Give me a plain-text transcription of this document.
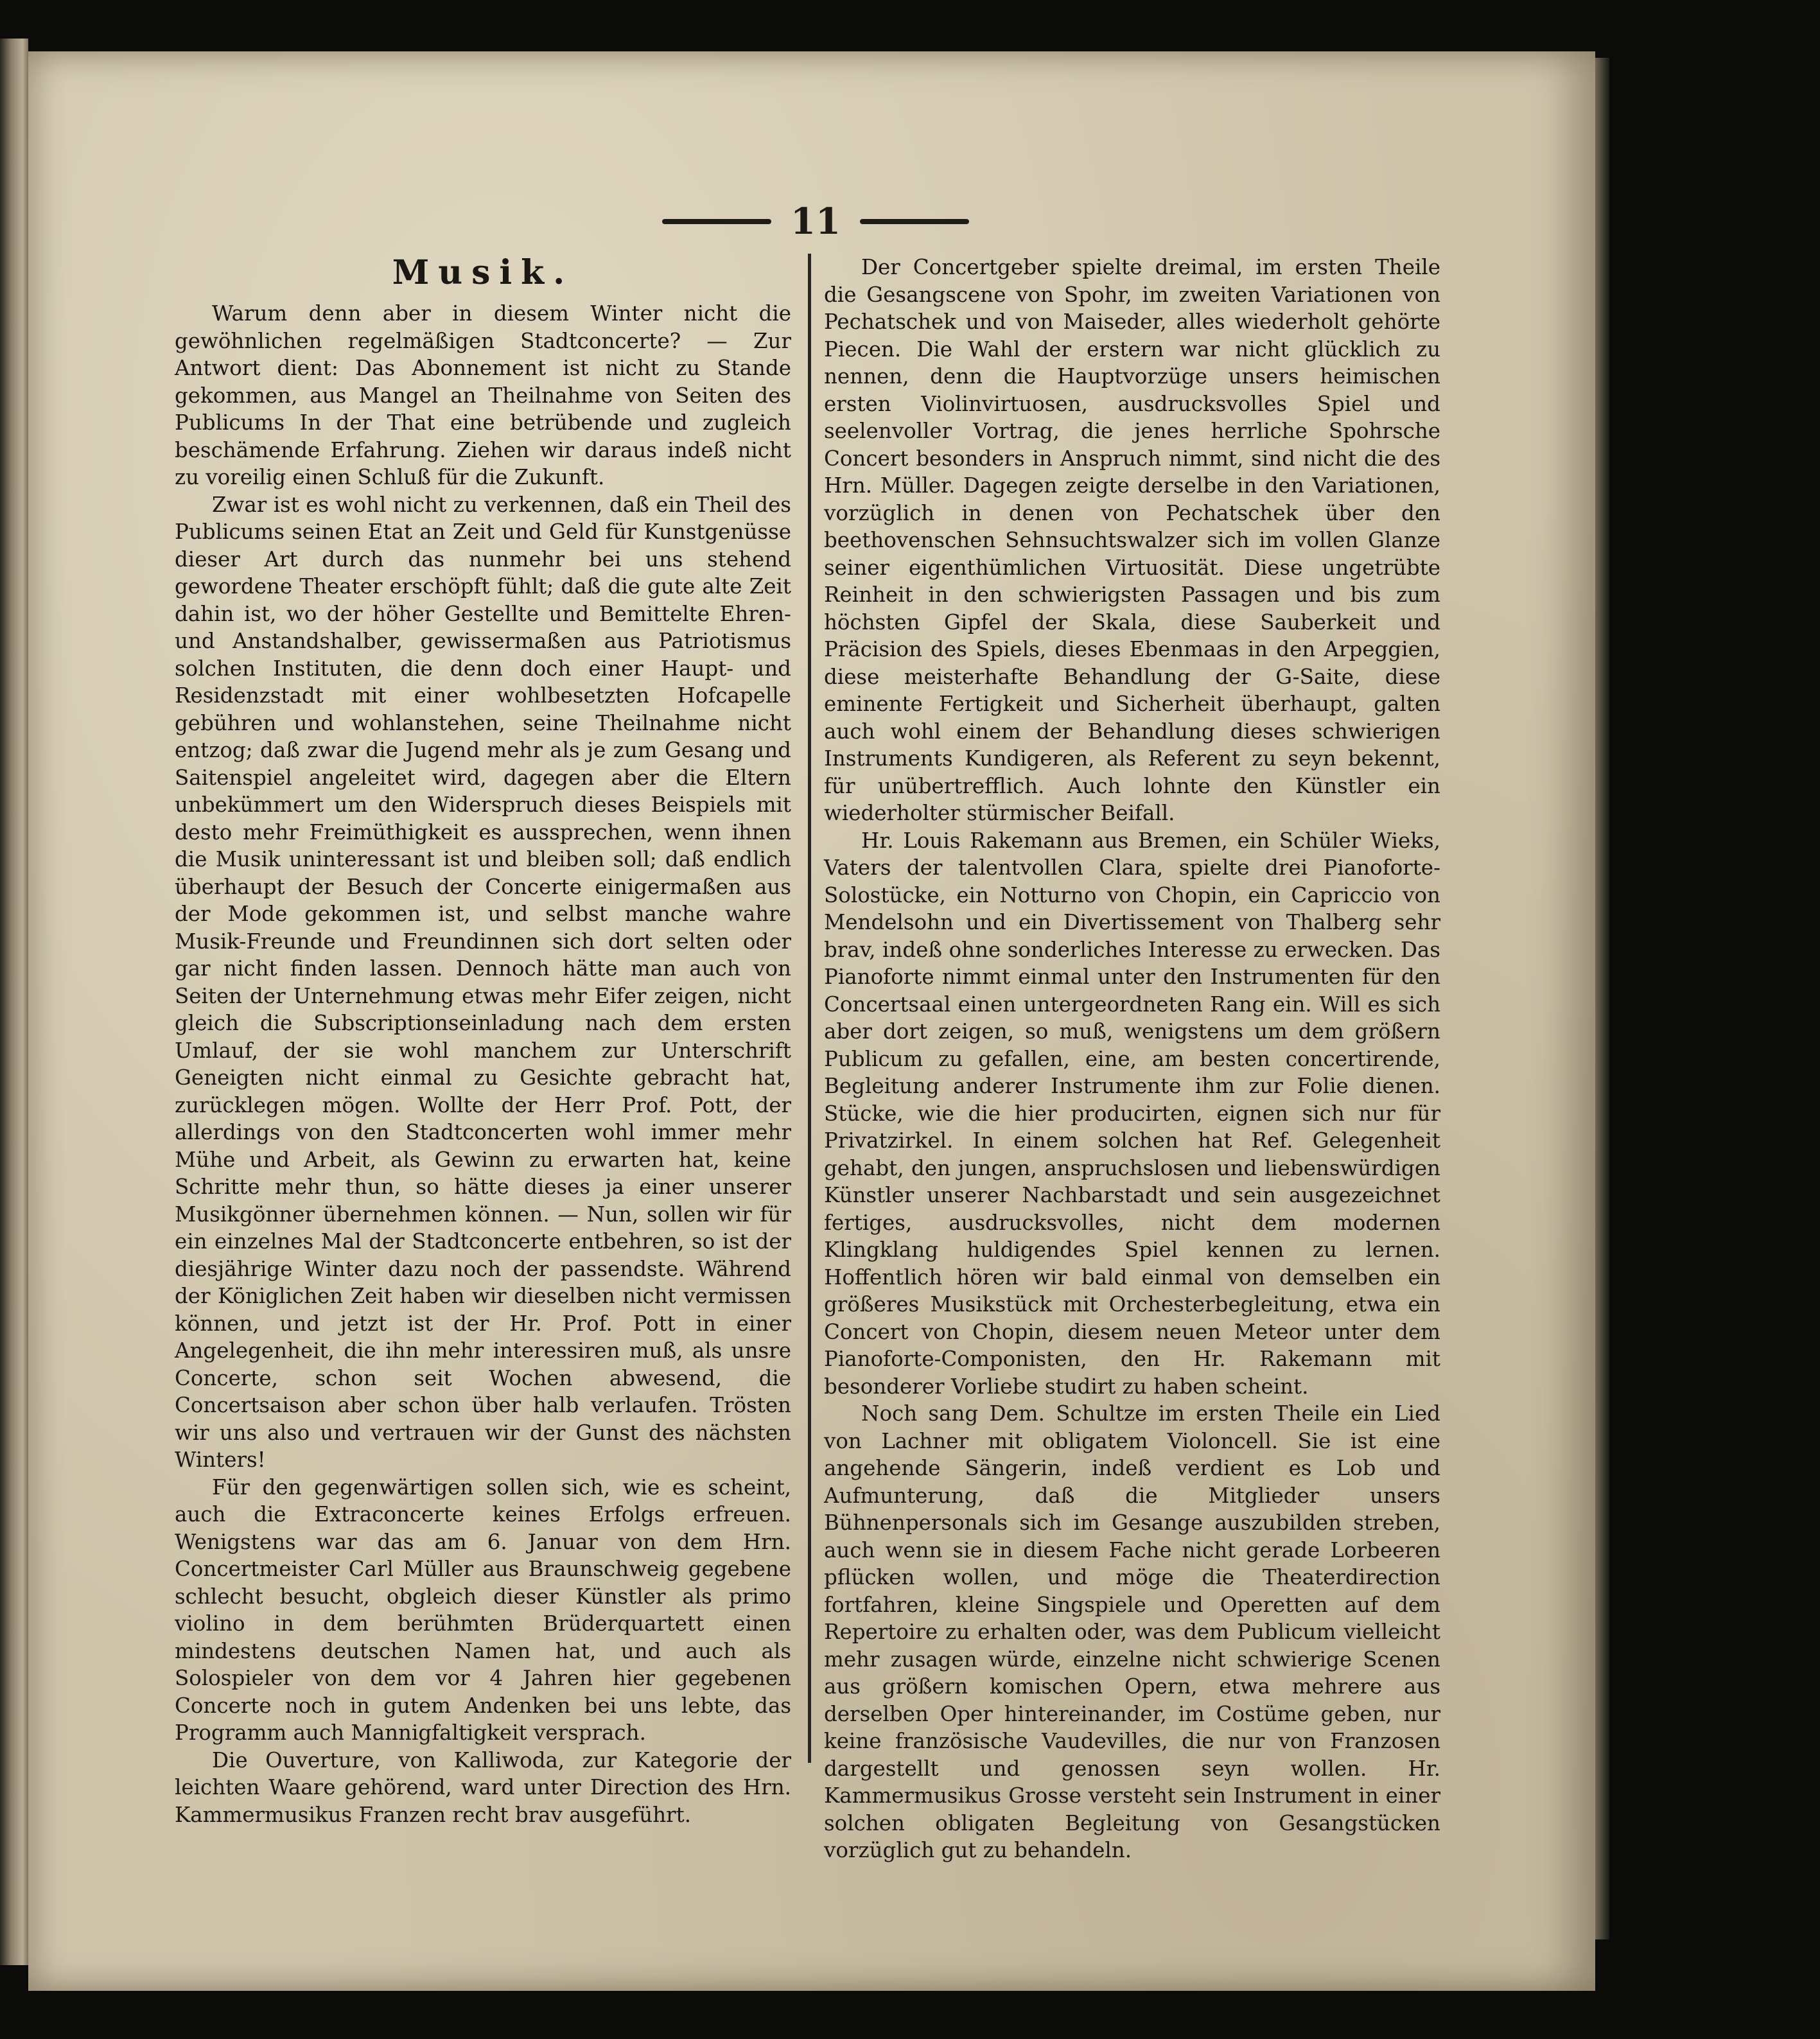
11
Musik.

Warum denn aber in diesem Winter nicht die gewöhnlichen regelmäßigen Stadtconcerte? — Zur Antwort dient: Das Abonnement ist nicht zu Stande gekommen, aus Mangel an Theilnahme von Seiten des Publicums In der That eine betrübende und zugleich beschämende Erfahrung. Ziehen wir daraus indeß nicht zu voreilig einen Schluß für die Zukunft.

Zwar ist es wohl nicht zu verkennen, daß ein Theil des Publicums seinen Etat an Zeit und Geld für Kunstgenüsse dieser Art durch das nunmehr bei uns stehend gewordene Theater erschöpft fühlt; daß die gute alte Zeit dahin ist, wo der höher Gestellte und Bemittelte Ehren- und Anstandshalber, gewissermaßen aus Patriotismus solchen Instituten, die denn doch einer Haupt- und Residenzstadt mit einer wohlbesetzten Hofcapelle gebühren und wohlanstehen, seine Theilnahme nicht entzog; daß zwar die Jugend mehr als je zum Gesang und Saitenspiel angeleitet wird, dagegen aber die Eltern unbekümmert um den Widerspruch dieses Beispiels mit desto mehr Freimüthigkeit es aussprechen, wenn ihnen die Musik uninteressant ist und bleiben soll; daß endlich überhaupt der Besuch der Concerte einigermaßen aus der Mode gekommen ist, und selbst manche wahre Musik-Freunde und Freundinnen sich dort selten oder gar nicht finden lassen. Dennoch hätte man auch von Seiten der Unternehmung etwas mehr Eifer zeigen, nicht gleich die Subscriptionseinladung nach dem ersten Umlauf, der sie wohl manchem zur Unterschrift Geneigten nicht einmal zu Gesichte gebracht hat, zurücklegen mögen. Wollte der Herr Prof. Pott, der allerdings von den Stadtconcerten wohl immer mehr Mühe und Arbeit, als Gewinn zu erwarten hat, keine Schritte mehr thun, so hätte dieses ja einer unserer Musikgönner übernehmen können. — Nun, sollen wir für ein einzelnes Mal der Stadtconcerte entbehren, so ist der diesjährige Winter dazu noch der passendste. Während der Königlichen Zeit haben wir dieselben nicht vermissen können, und jetzt ist der Hr. Prof. Pott in einer Angelegenheit, die ihn mehr interessiren muß, als unsre Concerte, schon seit Wochen abwesend, die Concertsaison aber schon über halb verlaufen. Trösten wir uns also und vertrauen wir der Gunst des nächsten Winters!

Für den gegenwärtigen sollen sich, wie es scheint, auch die Extraconcerte keines Erfolgs erfreuen. Wenigstens war das am 6. Januar von dem Hrn. Concertmeister Carl Müller aus Braunschweig gegebene schlecht besucht, obgleich dieser Künstler als primo violino in dem berühmten Brüderquartett einen mindestens deutschen Namen hat, und auch als Solospieler von dem vor 4 Jahren hier gegebenen Concerte noch in gutem Andenken bei uns lebte, das Programm auch Mannigfaltigkeit versprach.

Die Ouverture, von Kalliwoda, zur Kategorie der leichten Waare gehörend, ward unter Direction des Hrn. Kammermusikus Franzen recht brav ausgeführt.

Der Concertgeber spielte dreimal, im ersten Theile die Gesangscene von Spohr, im zweiten Variationen von Pechatschek und von Maiseder, alles wiederholt gehörte Piecen. Die Wahl der erstern war nicht glücklich zu nennen, denn die Hauptvorzüge unsers heimischen ersten Violinvirtuosen, ausdrucksvolles Spiel und seelenvoller Vortrag, die jenes herrliche Spohrsche Concert besonders in Anspruch nimmt, sind nicht die des Hrn. Müller. Dagegen zeigte derselbe in den Variationen, vorzüglich in denen von Pechatschek über den beethovenschen Sehnsuchtswalzer sich im vollen Glanze seiner eigenthümlichen Virtuosität. Diese ungetrübte Reinheit in den schwierigsten Passagen und bis zum höchsten Gipfel der Skala, diese Sauberkeit und Präcision des Spiels, dieses Ebenmaas in den Arpeggien, diese meisterhafte Behandlung der G-Saite, diese eminente Fertigkeit und Sicherheit überhaupt, galten auch wohl einem der Behandlung dieses schwierigen Instruments Kundigeren, als Referent zu seyn bekennt, für unübertrefflich. Auch lohnte den Künstler ein wiederholter stürmischer Beifall.

Hr. Louis Rakemann aus Bremen, ein Schüler Wieks, Vaters der talentvollen Clara, spielte drei Pianoforte-Solostücke, ein Notturno von Chopin, ein Capriccio von Mendelsohn und ein Divertissement von Thalberg sehr brav, indeß ohne sonderliches Interesse zu erwecken. Das Pianoforte nimmt einmal unter den Instrumenten für den Concertsaal einen untergeordneten Rang ein. Will es sich aber dort zeigen, so muß, wenigstens um dem größern Publicum zu gefallen, eine, am besten concertirende, Begleitung anderer Instrumente ihm zur Folie dienen. Stücke, wie die hier producirten, eignen sich nur für Privatzirkel. In einem solchen hat Ref. Gelegenheit gehabt, den jungen, anspruchslosen und liebenswürdigen Künstler unserer Nachbarstadt und sein ausgezeichnet fertiges, ausdrucksvolles, nicht dem modernen Klingklang huldigendes Spiel kennen zu lernen. Hoffentlich hören wir bald einmal von demselben ein größeres Musikstück mit Orchesterbegleitung, etwa ein Concert von Chopin, diesem neuen Meteor unter dem Pianoforte-Componisten, den Hr. Rakemann mit besonderer Vorliebe studirt zu haben scheint.

Noch sang Dem. Schultze im ersten Theile ein Lied von Lachner mit obligatem Violoncell. Sie ist eine angehende Sängerin, indeß verdient es Lob und Aufmunterung, daß die Mitglieder unsers Bühnenpersonals sich im Gesange auszubilden streben, auch wenn sie in diesem Fache nicht gerade Lorbeeren pflücken wollen, und möge die Theaterdirection fortfahren, kleine Singspiele und Operetten auf dem Repertoire zu erhalten oder, was dem Publicum vielleicht mehr zusagen würde, einzelne nicht schwierige Scenen aus größern komischen Opern, etwa mehrere aus derselben Oper hintereinander, im Costüme geben, nur keine französische Vaudevilles, die nur von Franzosen dargestellt und genossen seyn wollen. Hr. Kammermusikus Grosse versteht sein Instrument in einer solchen obligaten Begleitung von Gesangstücken vorzüglich gut zu behandeln.
